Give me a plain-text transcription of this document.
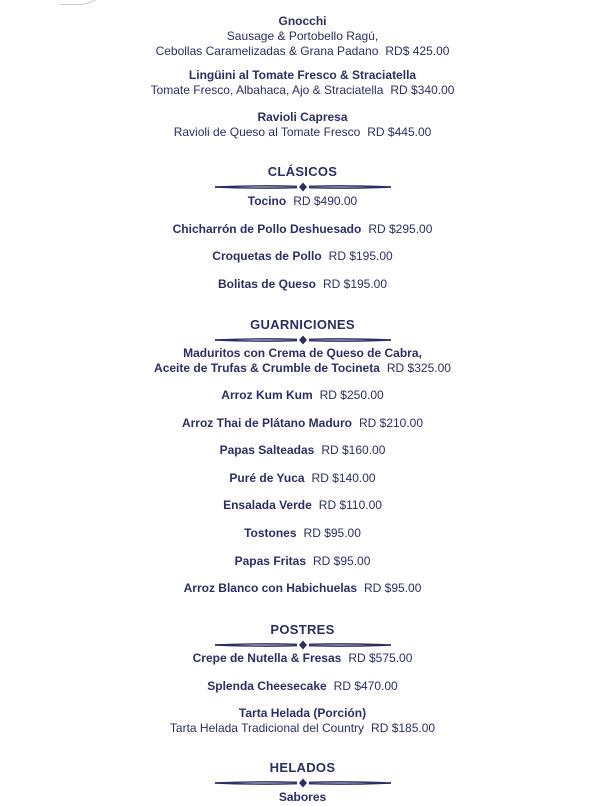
Gnocchi
Sausage & Portobello Ragú,
Cebollas Caramelizadas & Grana Padano RD$ 425.00
Lingüini al Tomate Fresco & Straciatella
Tomate Fresco, Albahaca, Ajo & Straciatella RD $340.00
Ravioli Capresa
Ravioli de Queso al Tomate Fresco RD $445.00
CLÁSICOS
Tocino RD $490.00
Chicharrón de Pollo Deshuesado RD $295.00
Croquetas de Pollo RD $195.00
Bolitas de Queso RD $195.00
GUARNICIONES
Maduritos con Crema de Queso de Cabra,
Aceite de Trufas & Crumble de Tocineta RD $325.00
Arroz Kum Kum RD $250.00
Arroz Thai de Plátano Maduro RD $210.00
Papas Salteadas RD $160.00
Puré de Yuca RD $140.00
Ensalada Verde RD $110.00
Tostones RD $95.00
Papas Fritas RD $95.00
Arroz Blanco con Habichuelas RD $95.00
POSTRES
Crepe de Nutella & Fresas RD $575.00
Splenda Cheesecake RD $470.00
Tarta Helada (Porción)
Tarta Helada Tradicional del Country RD $185.00
HELADOS
Sabores
